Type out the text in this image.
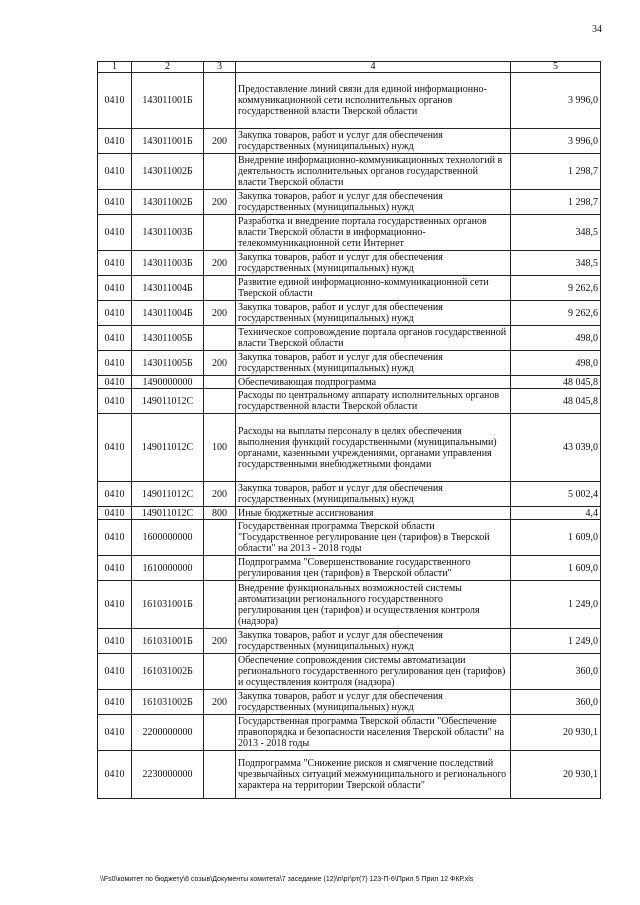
34
1	2	3	4	5
0410	143011001Б		Предоставление линий связи для единой информационно-коммуникационной сети исполнительных органов государственной власти Тверской области	3 996,0
0410	143011001Б	200	Закупка товаров, работ и услуг для обеспечения государственных (муниципальных) нужд	3 996,0
0410	143011002Б		Внедрение информационно-коммуникационных технологий в деятельность исполнительных органов государственной власти Тверской области	1 298,7
0410	143011002Б	200	Закупка товаров, работ и услуг для обеспечения государственных (муниципальных) нужд	1 298,7
0410	143011003Б		Разработка и внедрение портала государственных органов власти Тверской области в информационно-телекоммуникационной сети Интернет	348,5
0410	143011003Б	200	Закупка товаров, работ и услуг для обеспечения государственных (муниципальных) нужд	348,5
0410	143011004Б		Развитие единой информационно-коммуникационной сети Тверской области	9 262,6
0410	143011004Б	200	Закупка товаров, работ и услуг для обеспечения государственных (муниципальных) нужд	9 262,6
0410	143011005Б		Техническое сопровождение портала органов государственной власти Тверской области	498,0
0410	143011005Б	200	Закупка товаров, работ и услуг для обеспечения государственных (муниципальных) нужд	498,0
0410	1490000000		Обеспечивающая подпрограмма	48 045,8
0410	149011012С		Расходы по центральному аппарату исполнительных органов государственной власти Тверской области	48 045,8
0410	149011012С	100	Расходы на выплаты персоналу в целях обеспечения выполнения функций государственными (муниципальными) органами, казенными учреждениями, органами управления государственными внебюджетными фондами	43 039,0
0410	149011012С	200	Закупка товаров, работ и услуг для обеспечения государственных (муниципальных) нужд	5 002,4
0410	149011012С	800	Иные бюджетные ассигнования	4,4
0410	1600000000		Государственная программа Тверской области "Государственное регулирование цен (тарифов) в Тверской области" на 2013 - 2018 годы	1 609,0
0410	1610000000		Подпрограмма "Совершенствование государственного регулирования цен (тарифов) в Тверской области"	1 609,0
0410	161031001Б		Внедрение функциональных возможностей системы автоматизации регионального государственного регулирования цен (тарифов) и осуществления контроля (надзора)	1 249,0
0410	161031001Б	200	Закупка товаров, работ и услуг для обеспечения государственных (муниципальных) нужд	1 249,0
0410	161031002Б		Обеспечение сопровождения системы автоматизации регионального государственного регулирования цен (тарифов) и осуществления контроля (надзора)	360,0
0410	161031002Б	200	Закупка товаров, работ и услуг для обеспечения государственных (муниципальных) нужд	360,0
0410	2200000000		Государственная программа Тверской области "Обеспечение правопорядка и безопасности населения Тверской области" на 2013 - 2018 годы	20 930,1
0410	2230000000		Подпрограмма "Снижение рисков и смягчение последствий чрезвычайных ситуаций межмуниципального и регионального характера на территории Тверской области"	20 930,1
\\Fs0\комитет по бюджету\6 созыв\Документы комитета\7 заседание (12)\п\рг\рт(7) 123-П-6\Прил 5 Прил 12 ФКР.xls
